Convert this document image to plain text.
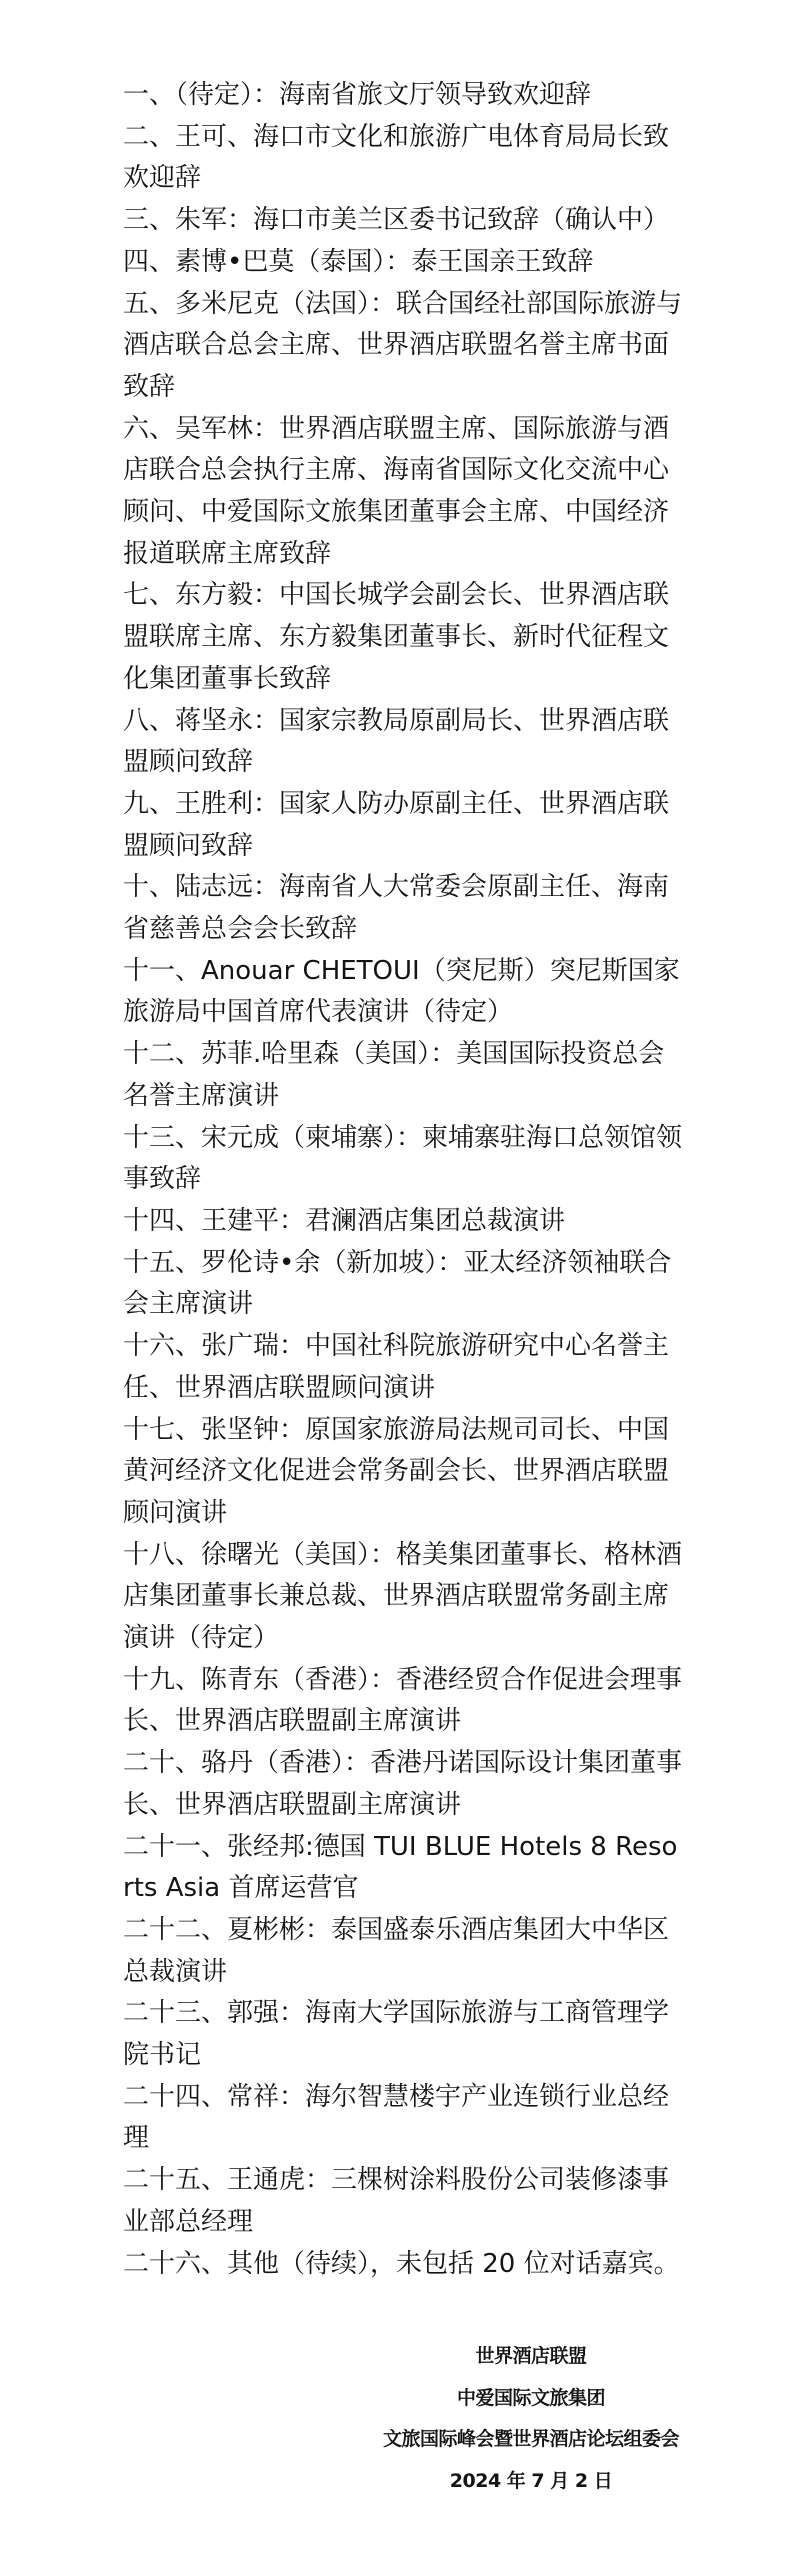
一、（待定）：海南省旅文厅领导致欢迎辞
二、王可、海口市文化和旅游广电体育局局长致欢迎辞
三、朱军：海口市美兰区委书记致辞（确认中）
四、素博•巴莫（泰国）：泰王国亲王致辞
五、多米尼克（法国）：联合国经社部国际旅游与酒店联合总会主席、世界酒店联盟名誉主席书面致辞
六、吴军林：世界酒店联盟主席、国际旅游与酒店联合总会执行主席、海南省国际文化交流中心顾问、中爱国际文旅集团董事会主席、中国经济报道联席主席致辞
七、东方毅：中国长城学会副会长、世界酒店联盟联席主席、东方毅集团董事长、新时代征程文化集团董事长致辞
八、蒋坚永：国家宗教局原副局长、世界酒店联盟顾问致辞
九、王胜利：国家人防办原副主任、世界酒店联盟顾问致辞
十、陆志远：海南省人大常委会原副主任、海南省慈善总会会长致辞
十一、Anouar CHETOUI（突尼斯）突尼斯国家旅游局中国首席代表演讲（待定）
十二、苏菲.哈里森（美国）：美国国际投资总会名誉主席演讲
十三、宋元成（柬埔寨）：柬埔寨驻海口总领馆领事致辞
十四、王建平：君澜酒店集团总裁演讲
十五、罗伦诗•余（新加坡）：亚太经济领袖联合会主席演讲
十六、张广瑞：中国社科院旅游研究中心名誉主任、世界酒店联盟顾问演讲
十七、张坚钟：原国家旅游局法规司司长、中国黄河经济文化促进会常务副会长、世界酒店联盟顾问演讲
十八、徐曙光（美国）：格美集团董事长、格林酒店集团董事长兼总裁、世界酒店联盟常务副主席演讲（待定）
十九、陈青东（香港）：香港经贸合作促进会理事长、世界酒店联盟副主席演讲
二十、骆丹（香港）：香港丹诺国际设计集团董事长、世界酒店联盟副主席演讲
二十一、张经邦:德国 TUI BLUE Hotels 8 Resorts Asia 首席运营官
二十二、夏彬彬：泰国盛泰乐酒店集团大中华区总裁演讲
二十三、郭强：海南大学国际旅游与工商管理学院书记
二十四、常祥：海尔智慧楼宇产业连锁行业总经理
二十五、王通虎：三棵树涂料股份公司装修漆事业部总经理
二十六、其他（待续），未包括 20 位对话嘉宾。
世界酒店联盟
中爱国际文旅集团
文旅国际峰会暨世界酒店论坛组委会
2024 年 7 月 2 日
